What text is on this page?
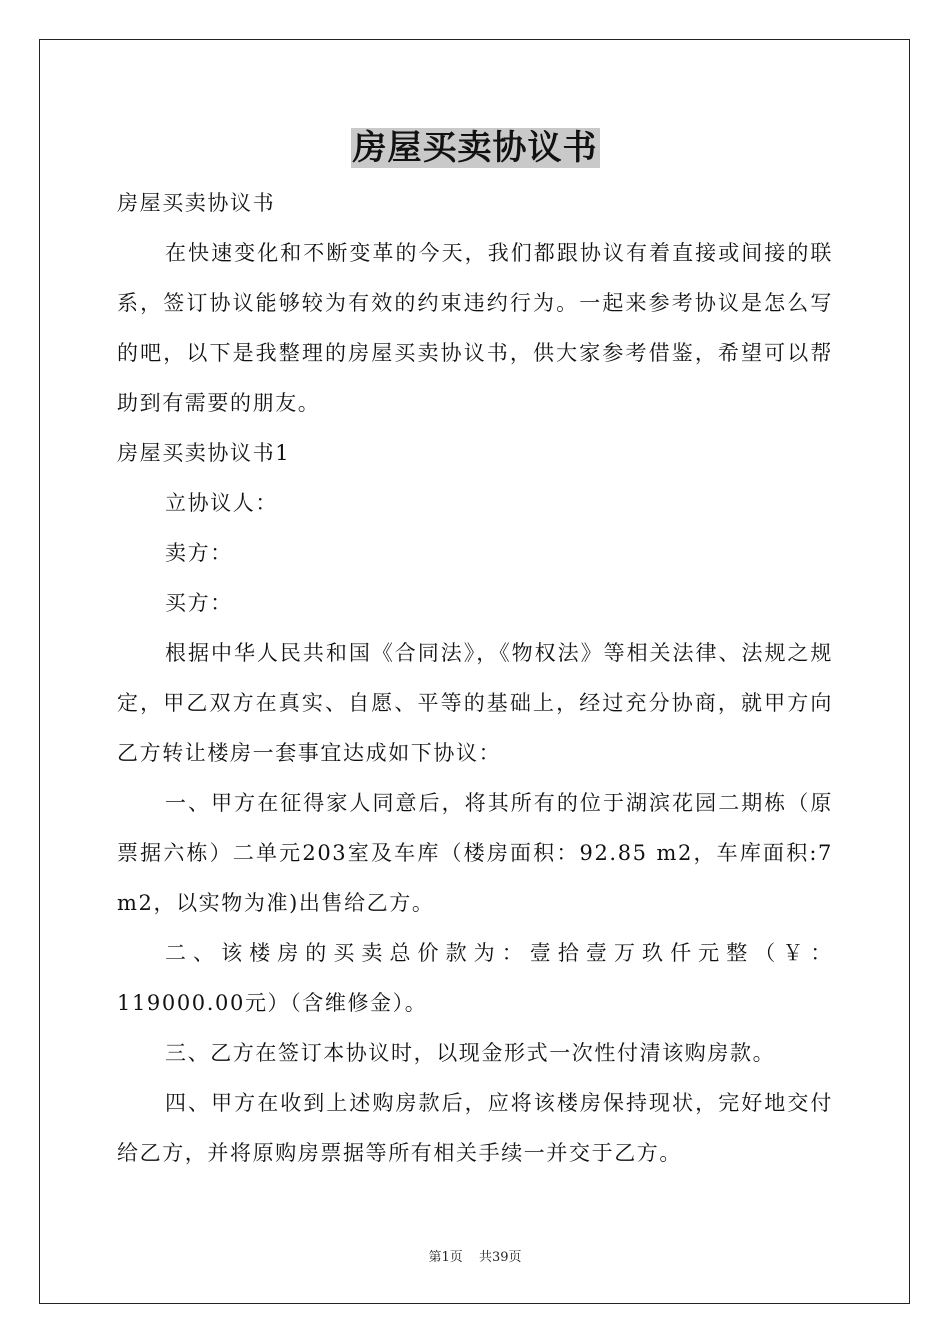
房屋买卖协议书

房屋买卖协议书

在快速变化和不断变革的今天，我们都跟协议有着直接或间接的联系，签订协议能够较为有效的约束违约行为。一起来参考协议是怎么写的吧，以下是我整理的房屋买卖协议书，供大家参考借鉴，希望可以帮助到有需要的朋友。

房屋买卖协议书1

立协议人：

卖方：

买方：

根据中华人民共和国《合同法》，《物权法》等相关法律、法规之规定，甲乙双方在真实、自愿、平等的基础上，经过充分协商，就甲方向乙方转让楼房一套事宜达成如下协议：

一、甲方在征得家人同意后，将其所有的位于湖滨花园二期栋（原票据六栋）二单元203室及车库（楼房面积：92.85 m2，车库面积:7 m2，以实物为准)出售给乙方。

二、该楼房的买卖总价款为：壹拾壹万玖仟元整（￥：119000.00元）（含维修金）。

三、乙方在签订本协议时，以现金形式一次性付清该购房款。

四、甲方在收到上述购房款后，应将该楼房保持现状，完好地交付给乙方，并将原购房票据等所有相关手续一并交于乙方。

第1页 共39页
